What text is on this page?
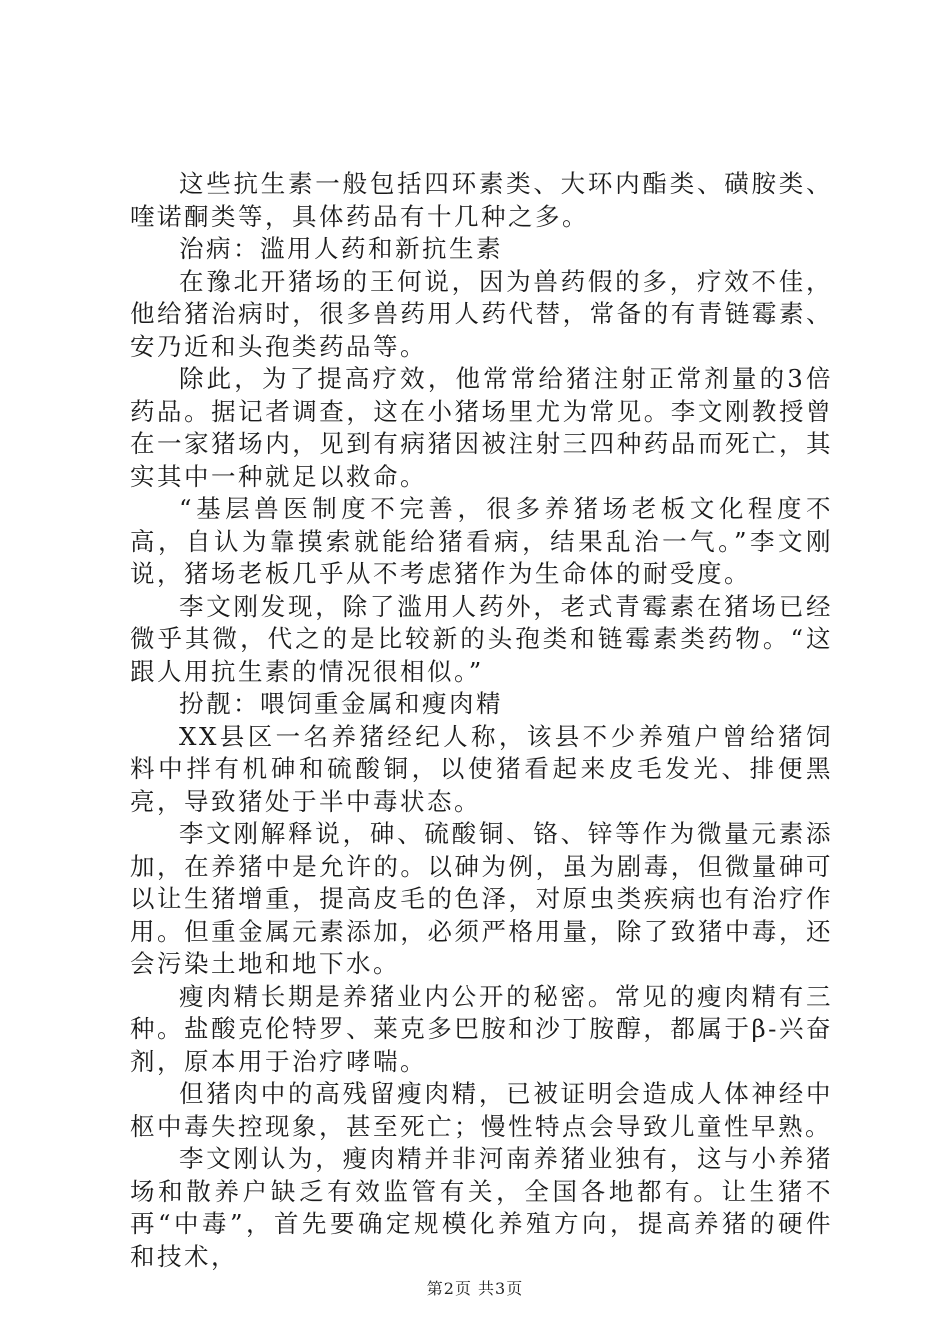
这些抗生素一般包括四环素类、大环内酯类、磺胺类、喹诺酮类等，具体药品有十几种之多。

治病：滥用人药和新抗生素

在豫北开猪场的王何说，因为兽药假的多，疗效不佳，他给猪治病时，很多兽药用人药代替，常备的有青链霉素、安乃近和头孢类药品等。

除此，为了提高疗效，他常常给猪注射正常剂量的3倍药品。据记者调查，这在小猪场里尤为常见。李文刚教授曾在一家猪场内，见到有病猪因被注射三四种药品而死亡，其实其中一种就足以救命。

“基层兽医制度不完善，很多养猪场老板文化程度不高，自认为靠摸索就能给猪看病，结果乱治一气。”李文刚说，猪场老板几乎从不考虑猪作为生命体的耐受度。

李文刚发现，除了滥用人药外，老式青霉素在猪场已经微乎其微，代之的是比较新的头孢类和链霉素类药物。“这跟人用抗生素的情况很相似。”

扮靓：喂饲重金属和瘦肉精

XX县区一名养猪经纪人称，该县不少养殖户曾给猪饲料中拌有机砷和硫酸铜，以使猪看起来皮毛发光、排便黑亮，导致猪处于半中毒状态。

李文刚解释说，砷、硫酸铜、铬、锌等作为微量元素添加，在养猪中是允许的。以砷为例，虽为剧毒，但微量砷可以让生猪增重，提高皮毛的色泽，对原虫类疾病也有治疗作用。但重金属元素添加，必须严格用量，除了致猪中毒，还会污染土地和地下水。

瘦肉精长期是养猪业内公开的秘密。常见的瘦肉精有三种。盐酸克伦特罗、莱克多巴胺和沙丁胺醇，都属于β-兴奋剂，原本用于治疗哮喘。

但猪肉中的高残留瘦肉精，已被证明会造成人体神经中枢中毒失控现象，甚至死亡；慢性特点会导致儿童性早熟。

李文刚认为，瘦肉精并非河南养猪业独有，这与小养猪场和散养户缺乏有效监管有关，全国各地都有。让生猪不再“中毒”，首先要确定规模化养殖方向，提高养猪的硬件和技术，

第2页 共3页
